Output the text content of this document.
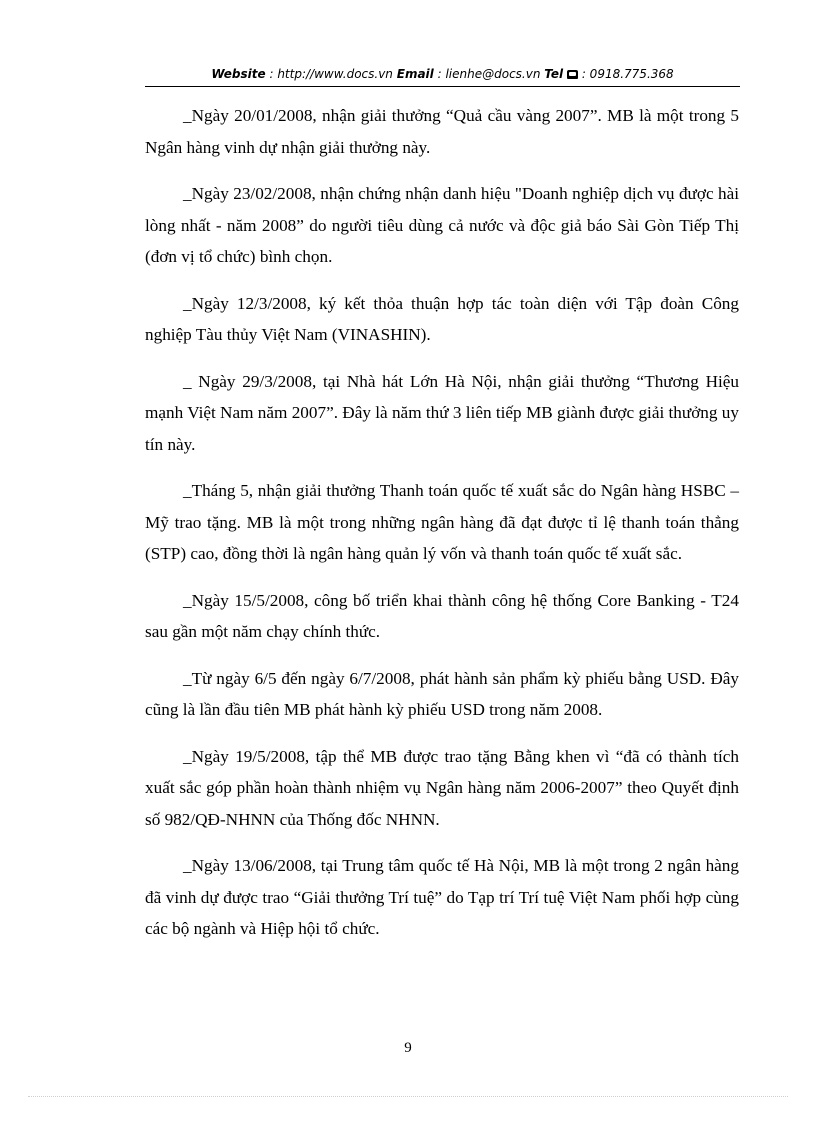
Website : http://www.docs.vn Email : lienhe@docs.vn Tel : 0918.775.368

_Ngày 20/01/2008, nhận giải thưởng “Quả cầu vàng 2007”. MB là một trong 5 Ngân hàng vinh dự nhận giải thưởng này.

_Ngày 23/02/2008, nhận chứng nhận danh hiệu "Doanh nghiệp dịch vụ được hài lòng nhất - năm 2008” do người tiêu dùng cả nước và độc giả báo Sài Gòn Tiếp Thị (đơn vị tổ chức) bình chọn.

_Ngày 12/3/2008, ký kết thỏa thuận hợp tác toàn diện với Tập đoàn Công nghiệp Tàu thủy Việt Nam (VINASHIN).

_ Ngày 29/3/2008, tại Nhà hát Lớn Hà Nội, nhận giải thưởng “Thương Hiệu mạnh Việt Nam năm 2007”. Đây là năm thứ 3 liên tiếp MB giành được giải thưởng uy tín này.

_Tháng 5, nhận giải thưởng Thanh toán quốc tế xuất sắc do Ngân hàng HSBC – Mỹ trao tặng. MB là một trong những ngân hàng đã đạt được tỉ lệ thanh toán thẳng (STP) cao, đồng thời là ngân hàng quản lý vốn và thanh toán quốc tế xuất sắc.

_Ngày 15/5/2008, công bố triển khai thành công hệ thống Core Banking - T24 sau gần một năm chạy chính thức.

_Từ ngày 6/5 đến ngày 6/7/2008, phát hành sản phẩm kỳ phiếu bằng USD. Đây cũng là lần đầu tiên MB phát hành kỳ phiếu USD trong năm 2008.

_Ngày 19/5/2008, tập thể MB được trao tặng Bằng khen vì “đã có thành tích xuất sắc góp phần hoàn thành nhiệm vụ Ngân hàng năm 2006-2007” theo Quyết định số 982/QĐ-NHNN của Thống đốc NHNN.

_Ngày 13/06/2008, tại Trung tâm quốc tế Hà Nội, MB là một trong 2 ngân hàng đã vinh dự được trao “Giải thưởng Trí tuệ” do Tạp trí Trí tuệ Việt Nam phối hợp cùng các bộ ngành và Hiệp hội tổ chức.

9
